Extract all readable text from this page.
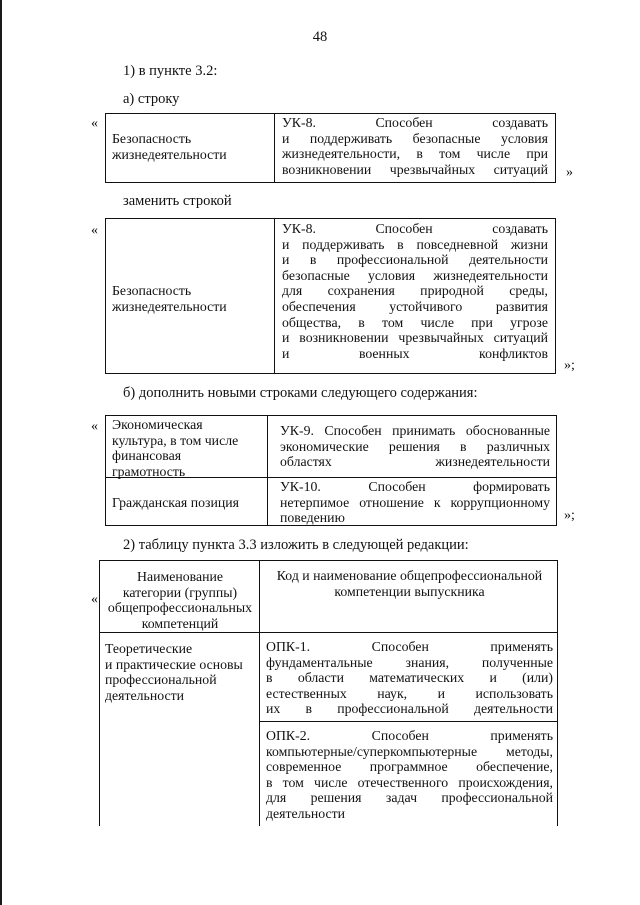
48
1) в пункте 3.2:
а) строку
«
Безопасность
жизнедеятельности
УК-8. Способен создавать
и поддерживать безопасные условия
жизнедеятельности, в том числе при
возникновении чрезвычайных ситуаций »
заменить строкой
«
Безопасность
жизнедеятельности
УК-8. Способен создавать
и поддерживать в повседневной жизни
и в профессиональной деятельности
безопасные условия жизнедеятельности
для сохранения природной среды,
обеспечения устойчивого развития
общества, в том числе при угрозе
и возникновении чрезвычайных ситуаций
и военных конфликтов
»;
б) дополнить новыми строками следующего содержания:
« Экономическая
культура, в том числе
финансовая
грамотность
УК-9. Способен принимать обоснованные
экономические решения в различных
областях жизнедеятельности
Гражданская позиция
УК-10. Способен формировать
нетерпимое отношение к коррупционному
поведению	»;
2) таблицу пункта 3.3 изложить в следующей редакции:
«
Наименование
категории (группы)
общепрофессиональных
компетенций
Код и наименование общепрофессиональной
компетенции выпускника
Теоретические
и практические основы
профессиональной
деятельности
ОПК-1. Способен применять
фундаментальные знания, полученные
в области математических и (или)
естественных наук, и использовать
их в профессиональной деятельности
ОПК-2. Способен применять
компьютерные/суперкомпьютерные методы,
современное программное обеспечение,
в том числе отечественного происхождения,
для решения задач профессиональной
деятельности
